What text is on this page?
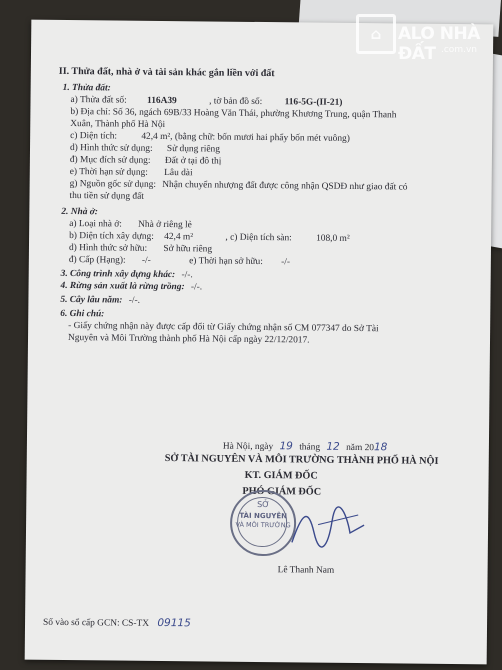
II. Thửa đất, nhà ở và tài sản khác gắn liền với đất
1. Thửa đất:
a) Thửa đất số: 116A39	, tờ bản đồ số: 116-5G-(II-21)
b) Địa chỉ: Số 36, ngách 69B/33 Hoàng Văn Thái, phường Khương Trung, quận Thanh
Xuân, Thành phố Hà Nội
c) Diện tích:	42,4 m², (bằng chữ: bốn mươi hai phẩy bốn mét vuông)
d) Hình thức sử dụng: Sử dụng riêng
đ) Mục đích sử dụng: Đất ở tại đô thị
e) Thời hạn sử dụng: Lâu dài
g) Nguồn gốc sử dụng: Nhận chuyển nhượng đất được công nhận QSDĐ như giao đất có
thu tiền sử dụng đất
2. Nhà ở:
a) Loại nhà ở: Nhà ở riêng lẻ
b) Diện tích xây dựng: 42,4 m²	, c) Diện tích sàn:	108,0 m²
d) Hình thức sở hữu: Sở hữu riêng
đ) Cấp (Hạng): -/-	e) Thời hạn sở hữu: -/-
3. Công trình xây dựng khác: -/-.
4. Rừng sản xuất là rừng trồng: -/-.
5. Cây lâu năm: -/-.
6. Ghi chú:
- Giấy chứng nhận này được cấp đổi từ Giấy chứng nhận số CM 077347 do Sở Tài
Nguyên và Môi Trường thành phố Hà Nội cấp ngày 22/12/2017.
Hà Nội, ngày 19 tháng 12 năm 2018
SỞ TÀI NGUYÊN VÀ MÔI TRƯỜNG THÀNH PHỐ HÀ NỘI
KT. GIÁM ĐỐC
PHÓ GIÁM ĐỐC
SỞ
TÀI NGUYÊN
VÀ MÔI TRƯỜNG
Lê Thanh Nam
Số vào sổ cấp GCN: CS-TX 09115
⌂ ALO NHÀ ĐẤT .com.vn
